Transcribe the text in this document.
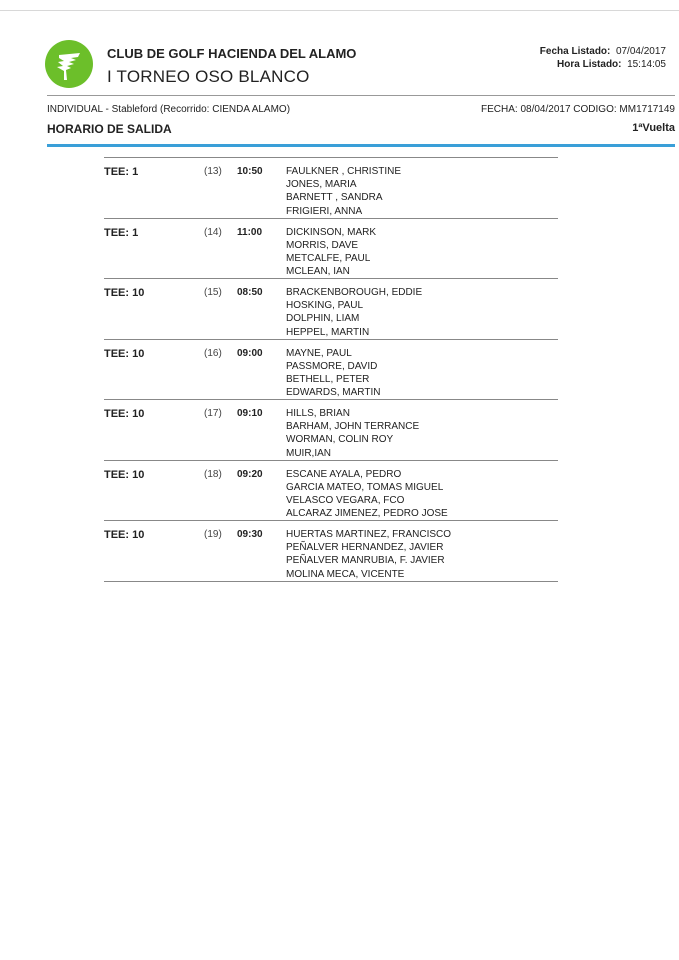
CLUB DE GOLF HACIENDA DEL ALAMO
I TORNEO OSO BLANCO
Fecha Listado: 07/04/2017
Hora Listado: 15:14:05
INDIVIDUAL - Stableford (Recorrido: CIENDA ALAMO)	FECHA: 08/04/2017 CODIGO: MM1717149
HORARIO DE SALIDA	1ªVuelta
TEE: 1	(13) 10:50 FAULKNER , CHRISTINE
JONES, MARIA
BARNETT , SANDRA
FRIGIERI, ANNA
TEE: 1	(14) 11:00 DICKINSON, MARK
MORRIS, DAVE
METCALFE, PAUL
MCLEAN, IAN
TEE: 10	(15) 08:50 BRACKENBOROUGH, EDDIE
HOSKING, PAUL
DOLPHIN, LIAM
HEPPEL, MARTIN
TEE: 10	(16) 09:00 MAYNE, PAUL
PASSMORE, DAVID
BETHELL, PETER
EDWARDS, MARTIN
TEE: 10	(17) 09:10 HILLS, BRIAN
BARHAM, JOHN TERRANCE
WORMAN, COLIN ROY
MUIR,IAN
TEE: 10	(18) 09:20 ESCANE AYALA, PEDRO
GARCIA MATEO, TOMAS MIGUEL
VELASCO VEGARA, FCO
ALCARAZ JIMENEZ, PEDRO JOSE
TEE: 10	(19) 09:30 HUERTAS MARTINEZ, FRANCISCO
PEÑALVER HERNANDEZ, JAVIER
PEÑALVER MANRUBIA, F. JAVIER
MOLINA MECA, VICENTE
